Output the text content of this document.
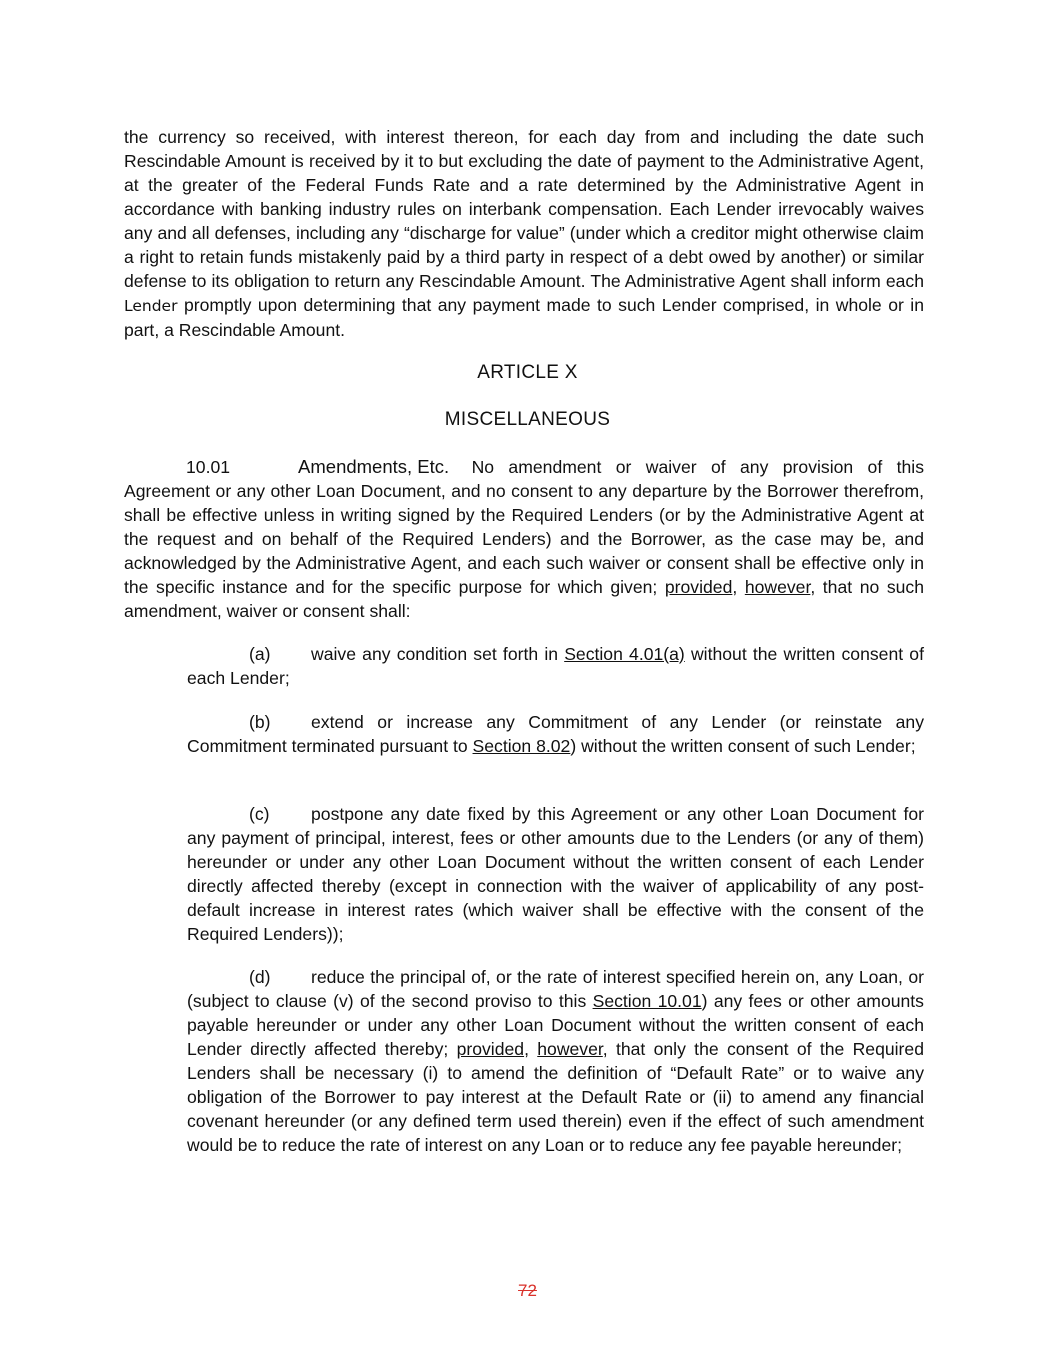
the currency so received, with interest thereon, for each day from and including the date such Rescindable Amount is received by it to but excluding the date of payment to the Administrative Agent, at the greater of the Federal Funds Rate and a rate determined by the Administrative Agent in accordance with banking industry rules on interbank compensation. Each Lender irrevocably waives any and all defenses, including any “discharge for value” (under which a creditor might otherwise claim a right to retain funds mistakenly paid by a third party in respect of a debt owed by another) or similar defense to its obligation to return any Rescindable Amount. The Administrative Agent shall inform each Lender promptly upon determining that any payment made to such Lender comprised, in whole or in part, a Rescindable Amount.

ARTICLE X

MISCELLANEOUS

10.01	Amendments, Etc. No amendment or waiver of any provision of this Agreement or any other Loan Document, and no consent to any departure by the Borrower therefrom, shall be effective unless in writing signed by the Required Lenders (or by the Administrative Agent at the request and on behalf of the Required Lenders) and the Borrower, as the case may be, and acknowledged by the Administrative Agent, and each such waiver or consent shall be effective only in the specific instance and for the specific purpose for which given; provided, however, that no such amendment, waiver or consent shall:

(a) waive any condition set forth in Section 4.01(a) without the written consent of each Lender;

(b) extend or increase any Commitment of any Lender (or reinstate any Commitment terminated pursuant to Section 8.02) without the written consent of such Lender;

(c) postpone any date fixed by this Agreement or any other Loan Document for any payment of principal, interest, fees or other amounts due to the Lenders (or any of them) hereunder or under any other Loan Document without the written consent of each Lender directly affected thereby (except in connection with the waiver of applicability of any post-default increase in interest rates (which waiver shall be effective with the consent of the Required Lenders));

(d) reduce the principal of, or the rate of interest specified herein on, any Loan, or (subject to clause (v) of the second proviso to this Section 10.01) any fees or other amounts payable hereunder or under any other Loan Document without the written consent of each Lender directly affected thereby; provided, however, that only the consent of the Required Lenders shall be necessary (i) to amend the definition of “Default Rate” or to waive any obligation of the Borrower to pay interest at the Default Rate or (ii) to amend any financial covenant hereunder (or any defined term used therein) even if the effect of such amendment would be to reduce the rate of interest on any Loan or to reduce any fee payable hereunder;

72
